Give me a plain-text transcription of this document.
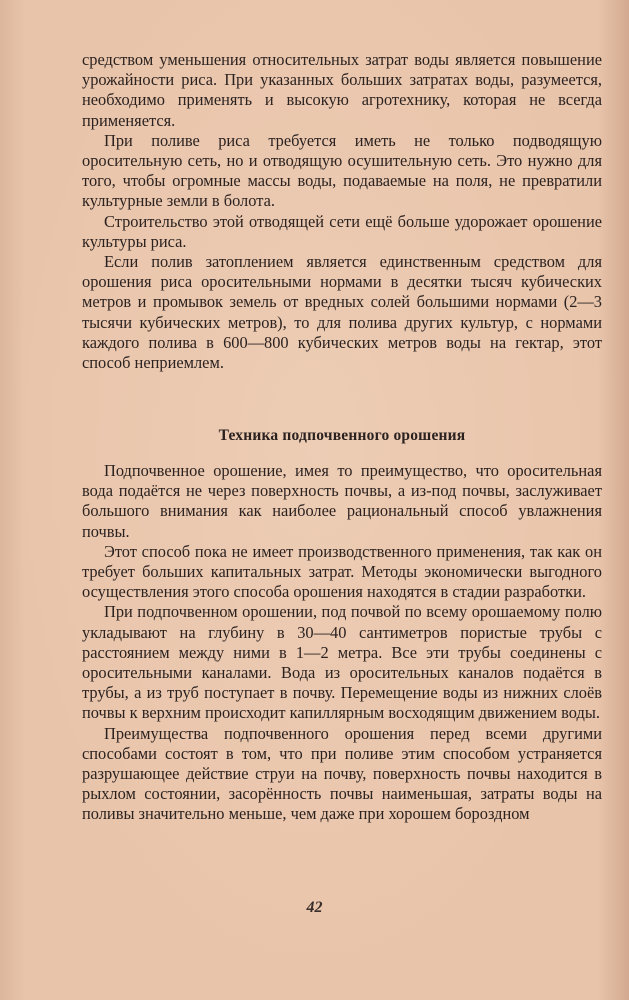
средством уменьшения относительных затрат воды является повышение урожайности риса. При указанных больших затратах воды, разумеется, необходимо применять и высокую агротехнику, которая не всегда применяется.

При поливе риса требуется иметь не только подводящую оросительную сеть, но и отводящую осушительную сеть. Это нужно для того, чтобы огромные массы воды, подаваемые на поля, не превратили культурные земли в болота.

Строительство этой отводящей сети ещё больше удорожает орошение культуры риса.

Если полив затоплением является единственным средством для орошения риса оросительными нормами в десятки тысяч кубических метров и промывок земель от вредных солей большими нормами (2—3 тысячи кубических метров), то для полива других культур, с нормами каждого полива в 600—800 кубических метров воды на гектар, этот способ неприемлем.

Техника подпочвенного орошения

Подпочвенное орошение, имея то преимущество, что оросительная вода подаётся не через поверхность почвы, а из-под почвы, заслуживает большого внимания как наиболее рациональный способ увлажнения почвы.

Этот способ пока не имеет производственного применения, так как он требует больших капитальных затрат. Методы экономически выгодного осуществления этого способа орошения находятся в стадии разработки.

При подпочвенном орошении, под почвой по всему орошаемому полю укладывают на глубину в 30—40 сантиметров пористые трубы с расстоянием между ними в 1—2 метра. Все эти трубы соединены с оросительными каналами. Вода из оросительных каналов подаётся в трубы, а из труб поступает в почву. Перемещение воды из нижних слоёв почвы к верхним происходит капиллярным восходящим движением воды.

Преимущества подпочвенного орошения перед всеми другими способами состоят в том, что при поливе этим способом устраняется разрушающее действие струи на почву, поверхность почвы находится в рыхлом состоянии, засорённость почвы наименьшая, затраты воды на поливы значительно меньше, чем даже при хорошем бороздном

42
